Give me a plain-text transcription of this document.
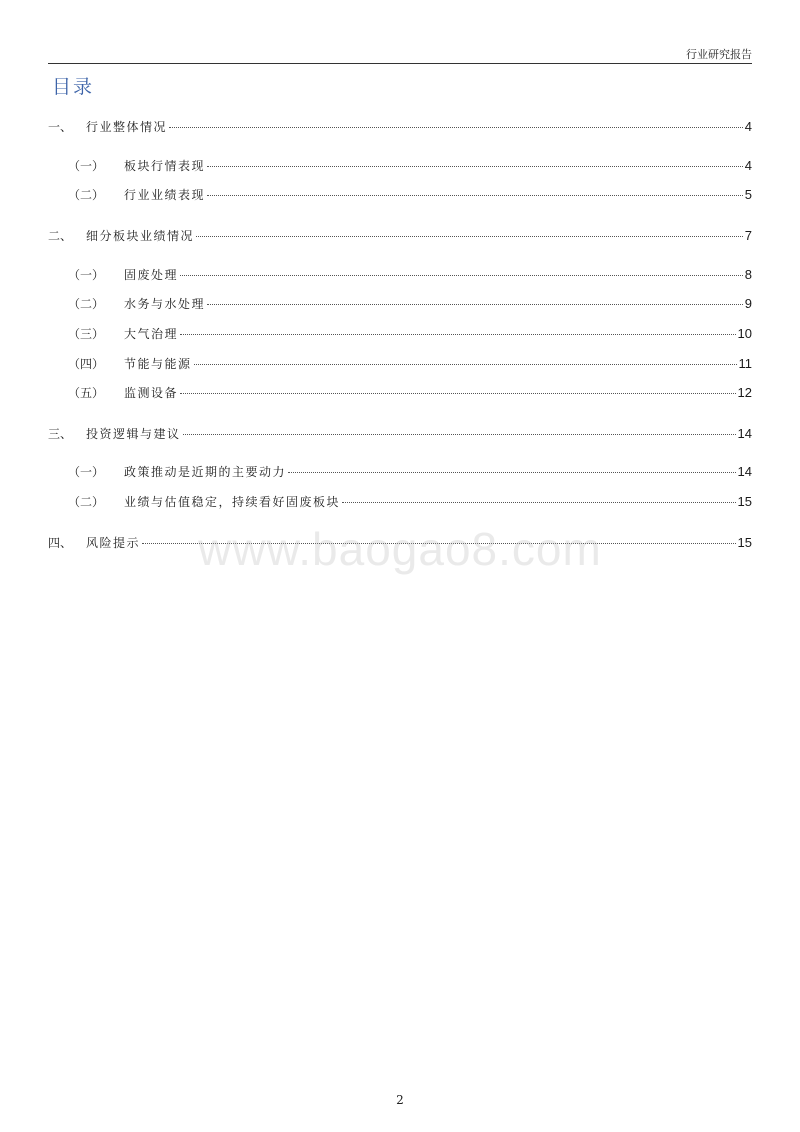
行业研究报告
目录
一、	行业整体情况	4
（一）	板块行情表现	4
（二）	行业业绩表现	5
二、	细分板块业绩情况	7
（一）	固废处理	8
（二）	水务与水处理	9
（三）	大气治理	10
（四）	节能与能源	11
（五）	监测设备	12
三、	投资逻辑与建议	14
（一）	政策推动是近期的主要动力	14
（二）	业绩与估值稳定，持续看好固废板块	15
四、	风险提示	15
www.baogao8.com
2
